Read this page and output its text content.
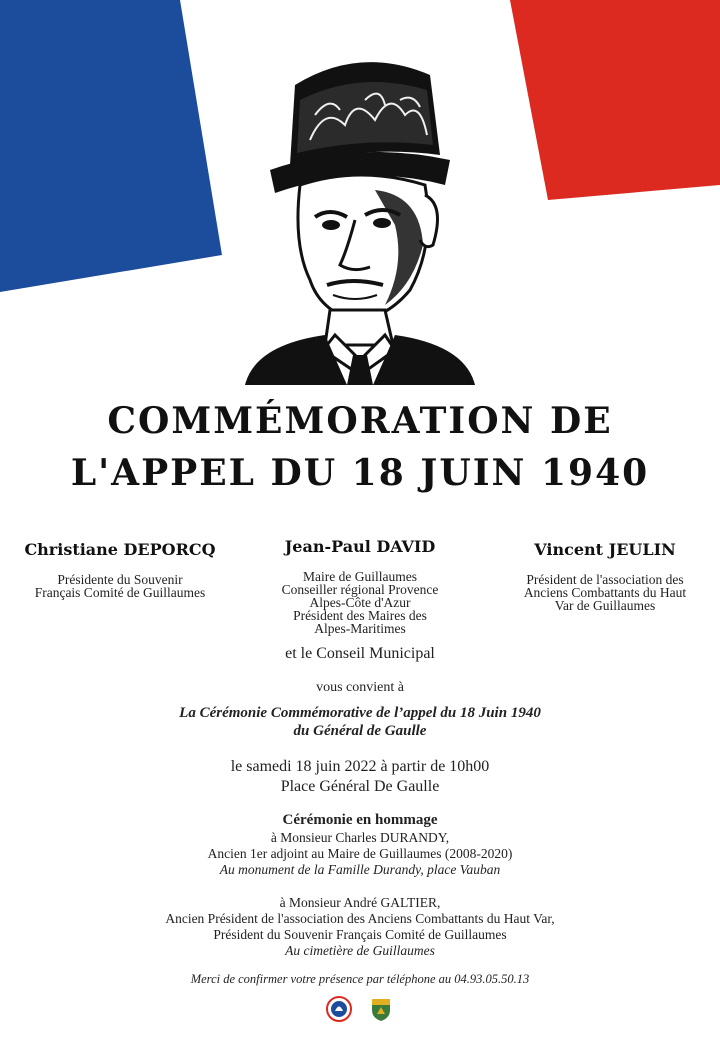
COMMÉMORATION DE
L'APPEL DU 18 JUIN 1940
Christiane DEPORCQ
Présidente du Souvenir
Français Comité de Guillaumes
Jean-Paul DAVID
Maire de Guillaumes
Conseiller régional Provence
Alpes-Côte d'Azur
Président des Maires des
Alpes-Maritimes
Vincent JEULIN
Président de l'association des
Anciens Combattants du Haut
Var de Guillaumes
et le Conseil Municipal
vous convient à
La Cérémonie Commémorative de l’appel du 18 Juin 1940
du Général de Gaulle
le samedi 18 juin 2022 à partir de 10h00
Place Général De Gaulle
Cérémonie en hommage
à Monsieur Charles DURANDY,
Ancien 1er adjoint au Maire de Guillaumes (2008-2020)
Au monument de la Famille Durandy, place Vauban
à Monsieur André GALTIER,
Ancien Président de l'association des Anciens Combattants du Haut Var,
Président du Souvenir Français Comité de Guillaumes
Au cimetière de Guillaumes
Merci de confirmer votre présence par téléphone au 04.93.05.50.13
